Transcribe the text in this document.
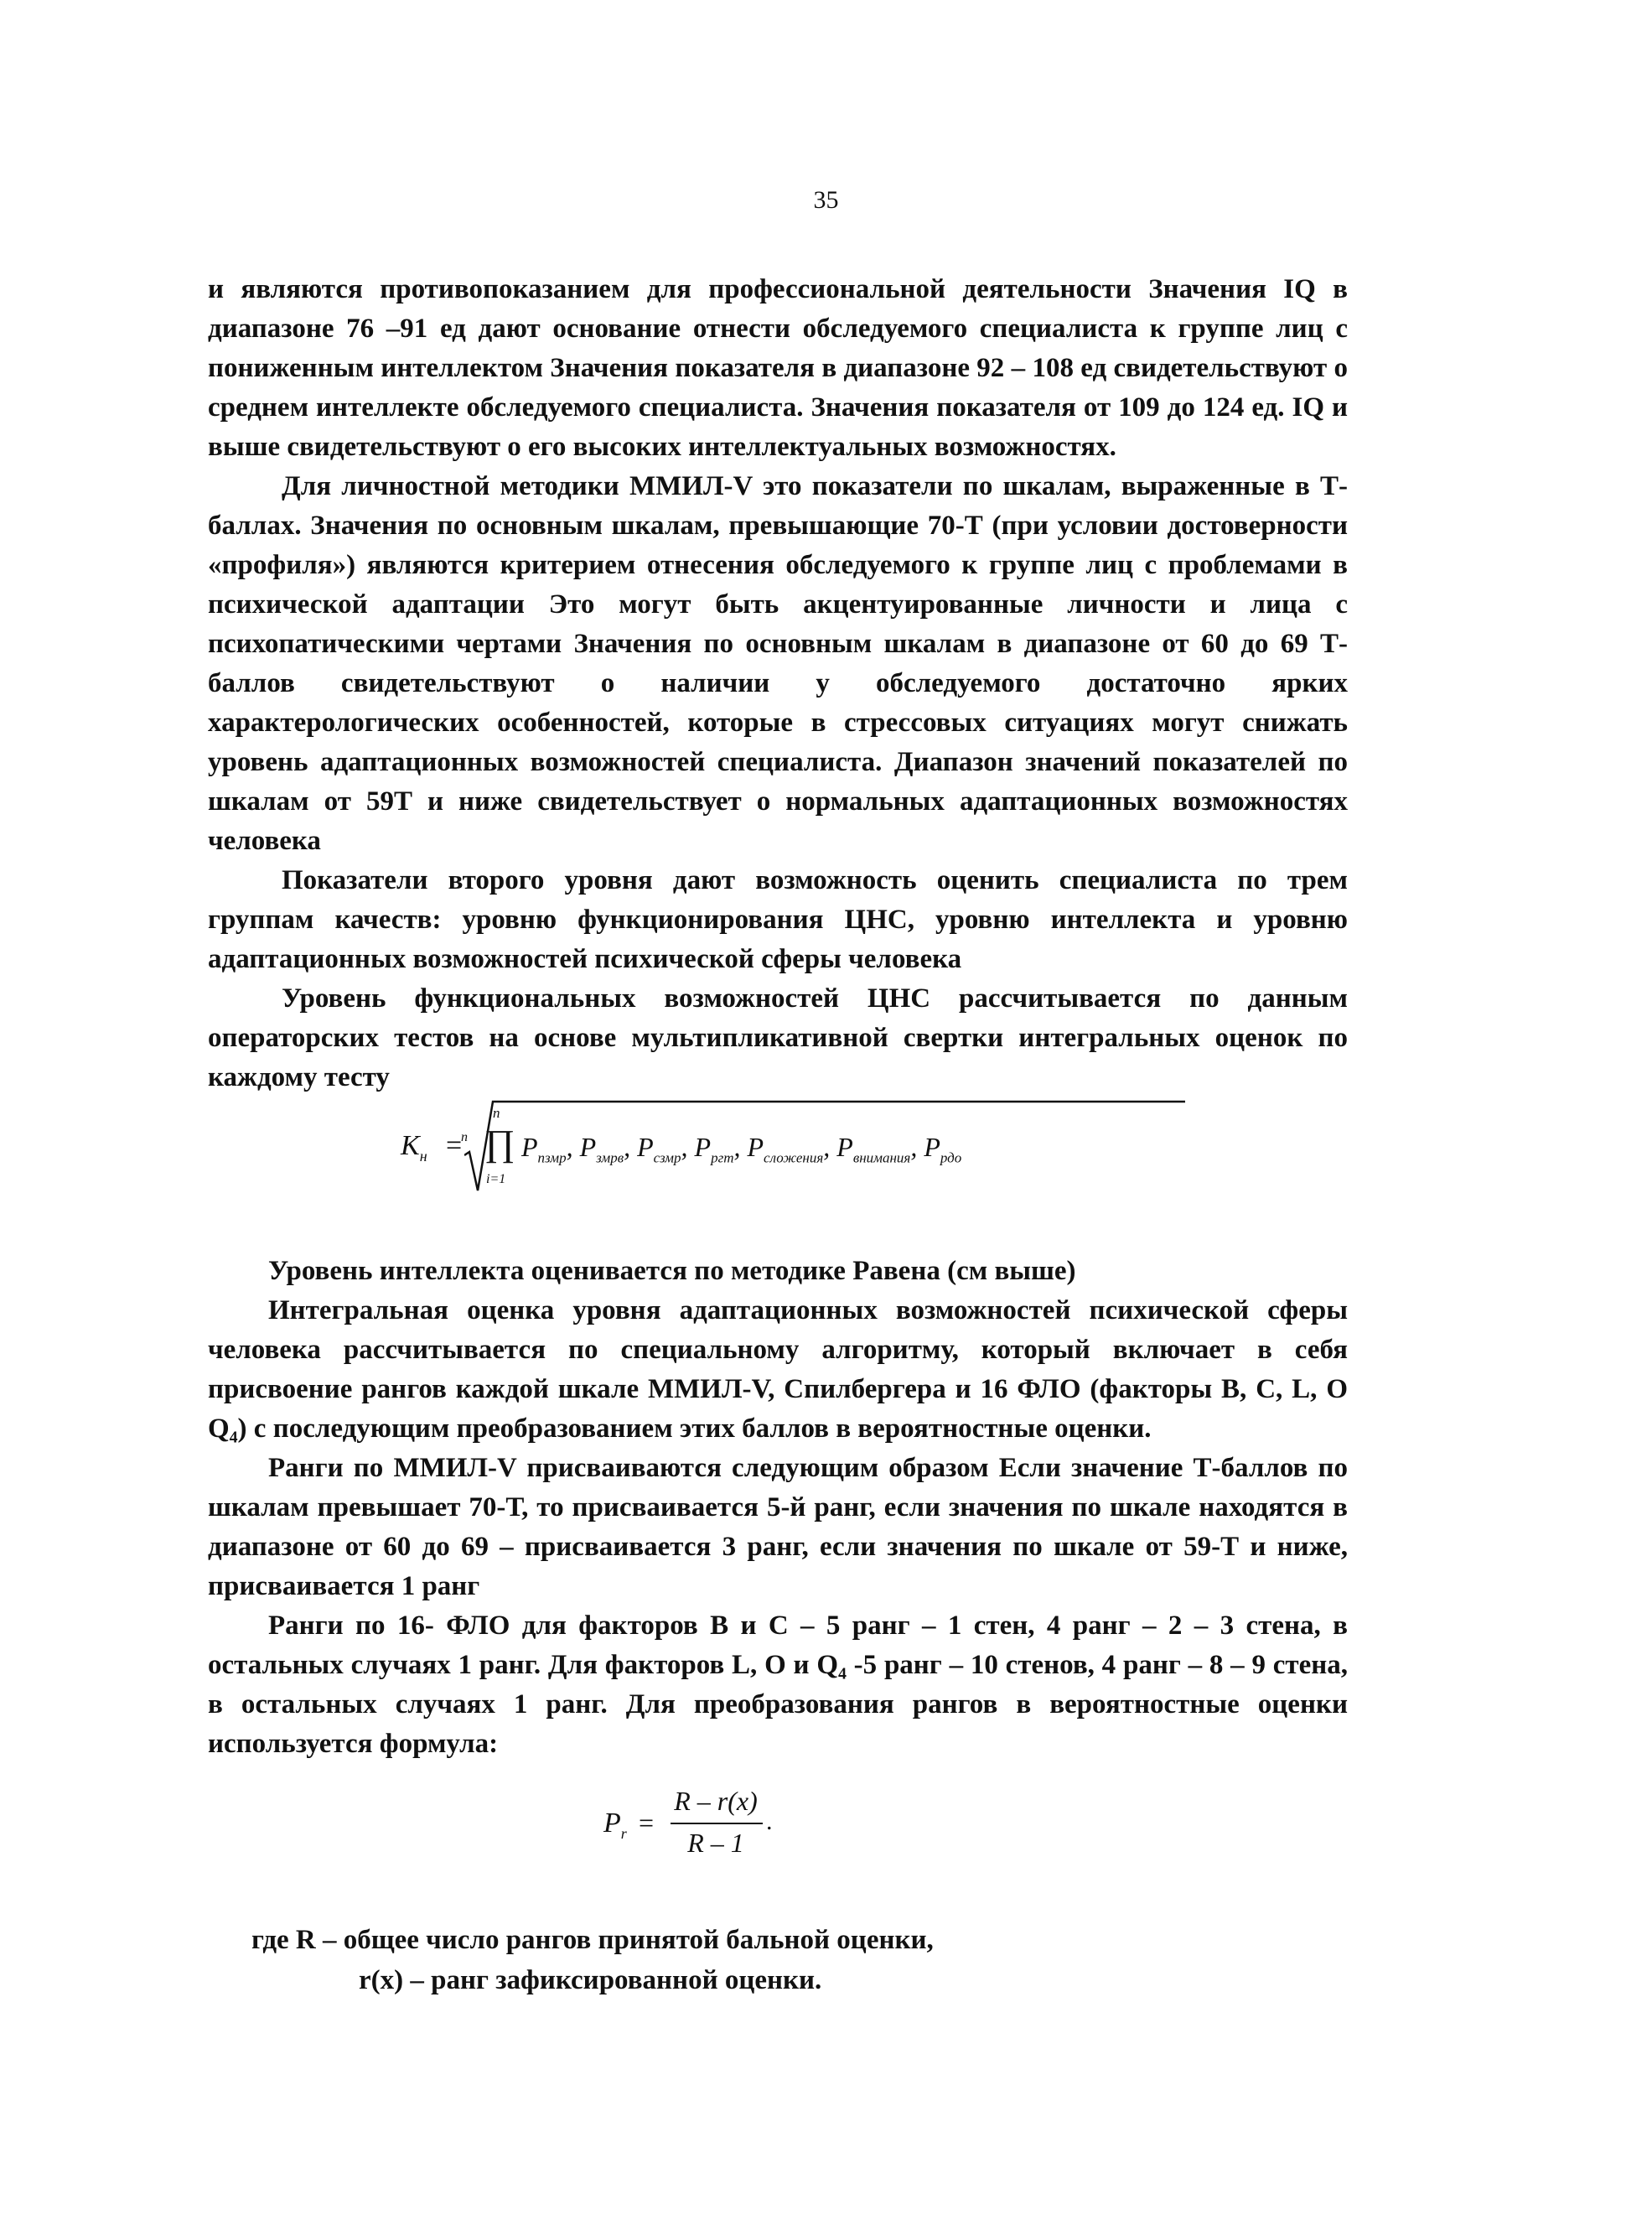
35

и являются противопоказанием для профессиональной деятельности Значения IQ в диапазоне 76 –91 ед дают основание отнести обследуемого специалиста к группе лиц с пониженным интеллектом Значения показателя в диапазоне 92 – 108 ед свидетельствуют о среднем интеллекте обследуемого специалиста. Значения показателя от 109 до 124 ед. IQ и выше свидетельствуют о его высоких интеллектуальных возможностях.

Для личностной методики ММИЛ-V это показатели по шкалам, выраженные в Т-баллах. Значения по основным шкалам, превышающие 70-Т (при условии достоверности «профиля») являются критерием отнесения обследуемого к группе лиц с проблемами в психической адаптации Это могут быть акцентуированные личности и лица с психопатическими чертами Значения по основным шкалам в диапазоне от 60 до 69 Т-баллов свидетельствуют о наличии у обследуемого достаточно ярких характерологических особенностей, которые в стрессовых ситуациях могут снижать уровень адаптационных возможностей специалиста. Диапазон значений показателей по шкалам от 59Т и ниже свидетельствует о нормальных адаптационных возможностях человека

Показатели второго уровня дают возможность оценить специалиста по трем группам качеств: уровню функционирования ЦНС, уровню интеллекта и уровню адаптационных возможностей психической сферы человека

Уровень функциональных возможностей ЦНС рассчитывается по данным операторских тестов на основе мультипликативной свертки интегральных оценок по каждому тесту

$K_н$ =
n
n
∏
i=1
$P_{пзмр}$, $P_{змрв}$, $P_{сзмр}$, $P_{ргт}$, $P_{сложения}$, $P_{внимания}$, $P_{рдо}$

Уровень интеллекта оценивается по методике Равена (см выше)

Интегральная оценка уровня адаптационных возможностей психической сферы человека рассчитывается по специальному алгоритму, который включает в себя присвоение рангов каждой шкале ММИЛ-V, Спилбергера и 16 ФЛО (факторы B, C, L, O Q₄) с последующим преобразованием этих баллов в вероятностные оценки.

Ранги по ММИЛ-V присваиваются следующим образом Если значение Т-баллов по шкалам превышает 70-Т, то присваивается 5-й ранг, если значения по шкале находятся в диапазоне от 60 до 69 – присваивается 3 ранг, если значения по шкале от 59-Т и ниже, присваивается 1 ранг

Ранги по 16- ФЛО для факторов В и С – 5 ранг – 1 стен, 4 ранг – 2 – 3 стена, в остальных случаях 1 ранг. Для факторов L, O и Q₄ -5 ранг – 10 стенов, 4 ранг – 8 – 9 стена, в остальных случаях 1 ранг. Для преобразования рангов в вероятностные оценки используется формула:

$P_r$ =
R – r(x)
R – 1
.
где R – общее число рангов принятой бальной оценки,
r(x) – ранг зафиксированной оценки.
